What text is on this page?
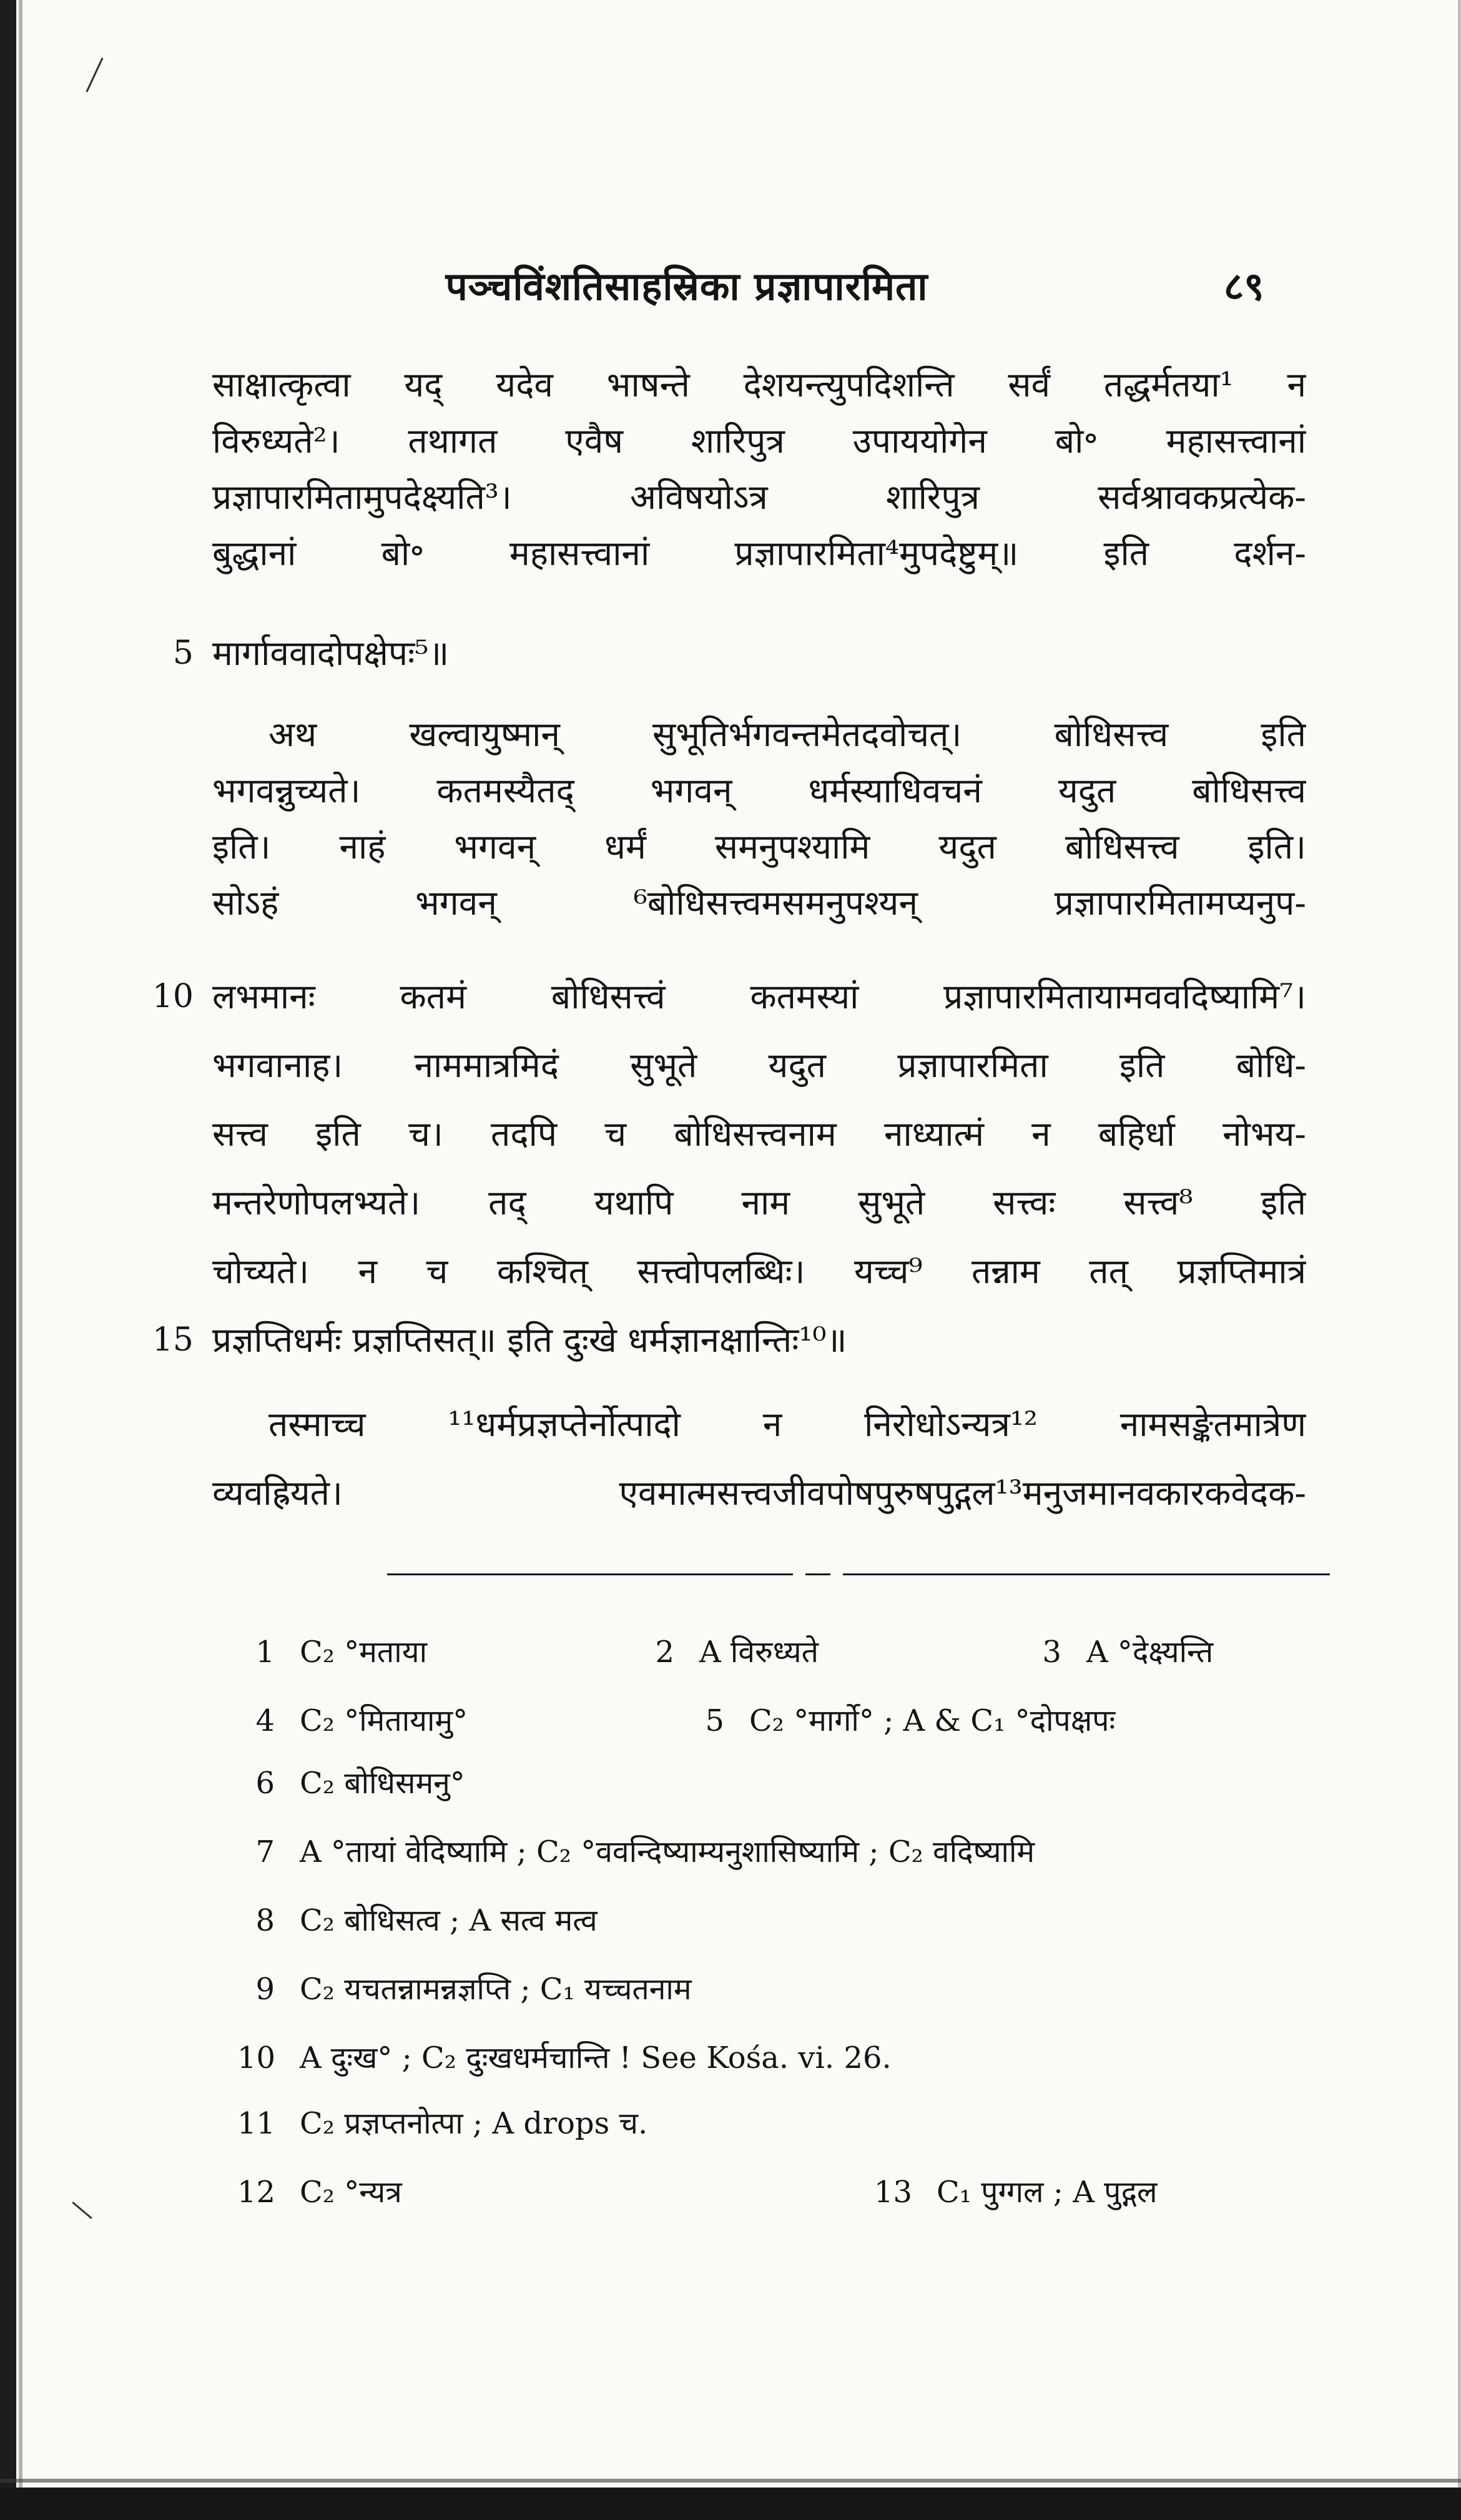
पञ्चविंशतिसाहस्रिका प्रज्ञापारमिता	८९
साक्षात्कृत्वा यद् यदेव भाषन्ते देशयन्त्युपदिशन्ति सर्वं तद्धर्मतया¹ न
विरुध्यते²। तथागत एवैष शारिपुत्र उपाययोगेन बो॰ महासत्त्वानां
प्रज्ञापारमितामुपदेक्ष्यति³। अविषयोऽत्र शारिपुत्र सर्वश्रावकप्रत्येक-
बुद्धानां बो॰ महासत्त्वानां प्रज्ञापारमिता⁴मुपदेष्टुम्॥ इति दर्शन-
5 मार्गाववादोपक्षेपः⁵॥
अथ खल्वायुष्मान् सुभूतिर्भगवन्तमेतदवोचत्। बोधिसत्त्व इति
भगवन्नुच्यते। कतमस्यैतद् भगवन् धर्मस्याधिवचनं यदुत बोधिसत्त्व
इति। नाहं भगवन् धर्मं समनुपश्यामि यदुत बोधिसत्त्व इति।
सोऽहं भगवन् ⁶बोधिसत्त्वमसमनुपश्यन् प्रज्ञापारमितामप्यनुप-
10 लभमानः कतमं बोधिसत्त्वं कतमस्यां प्रज्ञापारमितायामववदिष्यामि⁷।
भगवानाह। नाममात्रमिदं सुभूते यदुत प्रज्ञापारमिता इति बोधि-
सत्त्व इति च। तदपि च बोधिसत्त्वनाम नाध्यात्मं न बहिर्धा नोभय-
मन्तरेणोपलभ्यते। तद् यथापि नाम सुभूते सत्त्वः सत्त्व⁸ इति
चोच्यते। न च कश्चित् सत्त्वोपलब्धिः। यच्च⁹ तन्नाम तत् प्रज्ञप्तिमात्रं
15 प्रज्ञप्तिधर्मः प्रज्ञप्तिसत्॥ इति दुःखे धर्मज्ञानक्षान्तिः¹⁰॥
तस्माच्च ¹¹धर्मप्रज्ञप्तेर्नोत्पादो न निरोधोऽन्यत्र¹² नामसङ्केतमात्रेण
व्यवह्रियते। एवमात्मसत्त्वजीवपोषपुरुषपुद्गल¹³मनुजमानवकारकवेदक-
1 C₂ °मताया	2 A विरुध्यते	3 A °देक्ष्यन्ति
4 C₂ °मितायामु°	5 C₂ °मार्गो° ; A & C₁ °दोपक्षपः
6 C₂ बोधिसमनु°
7 A °तायां वेदिष्यामि ; C₂ °ववन्दिष्याम्यनुशासिष्यामि ; C₂ वदिष्यामि
8 C₂ बोधिसत्व ; A सत्व मत्व
9 C₂ यचतन्नामन्नज्ञप्ति ; C₁ यच्चतनाम
10 A दुःख° ; C₂ दुःखधर्मचान्ति ! See Kośa. vi. 26.
11 C₂ प्रज्ञप्तनोत्पा ; A drops च.
12 C₂ °न्यत्र	13 C₁ पुग्गल ; A पुद्गल
